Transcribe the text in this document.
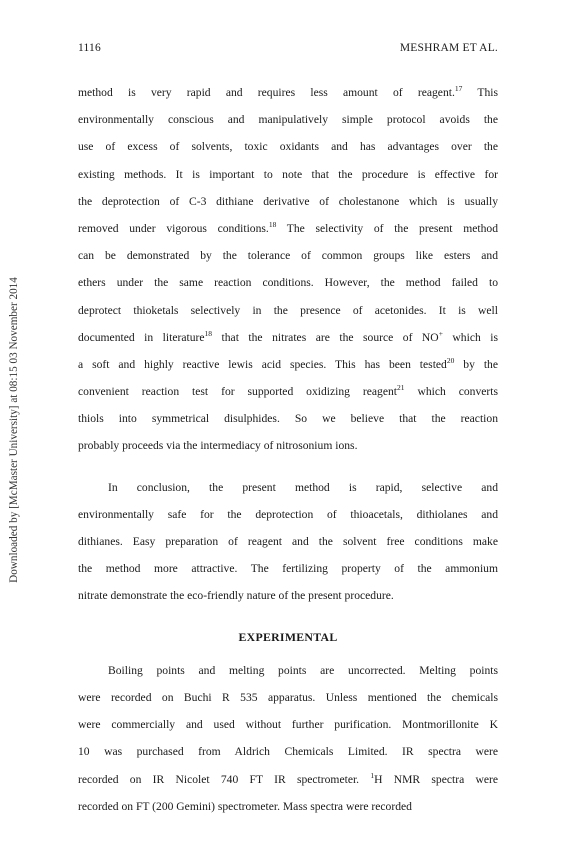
Downloaded by [McMaster University] at 08:15 03 November 2014
1116	MESHRAM ET AL.
method is very rapid and requires less amount of reagent.$^{17}$ This
environmentally conscious and manipulatively simple protocol avoids the
use of excess of solvents, toxic oxidants and has advantages over the
existing methods. It is important to note that the procedure is effective for
the deprotection of C-3 dithiane derivative of cholestanone which is usually
removed under vigorous conditions.$^{18}$ The selectivity of the present method
can be demonstrated by the tolerance of common groups like esters and
ethers under the same reaction conditions. However, the method failed to
deprotect thioketals selectively in the presence of acetonides. It is well
documented in literature$^{18}$ that the nitrates are the source of NO+ which is
a soft and highly reactive lewis acid species. This has been tested$^{20}$ by the
convenient reaction test for supported oxidizing reagent$^{21}$ which converts
thiols into symmetrical disulphides. So we believe that the reaction
probably proceeds via the intermediacy of nitrosonium ions.
In conclusion, the present method is rapid, selective and
environmentally safe for the deprotection of thioacetals, dithiolanes and
dithianes. Easy preparation of reagent and the solvent free conditions make
the method more attractive. The fertilizing property of the ammonium
nitrate demonstrate the eco-friendly nature of the present procedure.
EXPERIMENTAL
Boiling points and melting points are uncorrected. Melting points
were recorded on Buchi R 535 apparatus. Unless mentioned the chemicals
were commercially and used without further purification. Montmorillonite K
10 was purchased from Aldrich Chemicals Limited. IR spectra were
recorded on IR Nicolet 740 FT IR spectrometer. $^1$H NMR spectra were
recorded on FT (200 Gemini) spectrometer. Mass spectra were recorded
